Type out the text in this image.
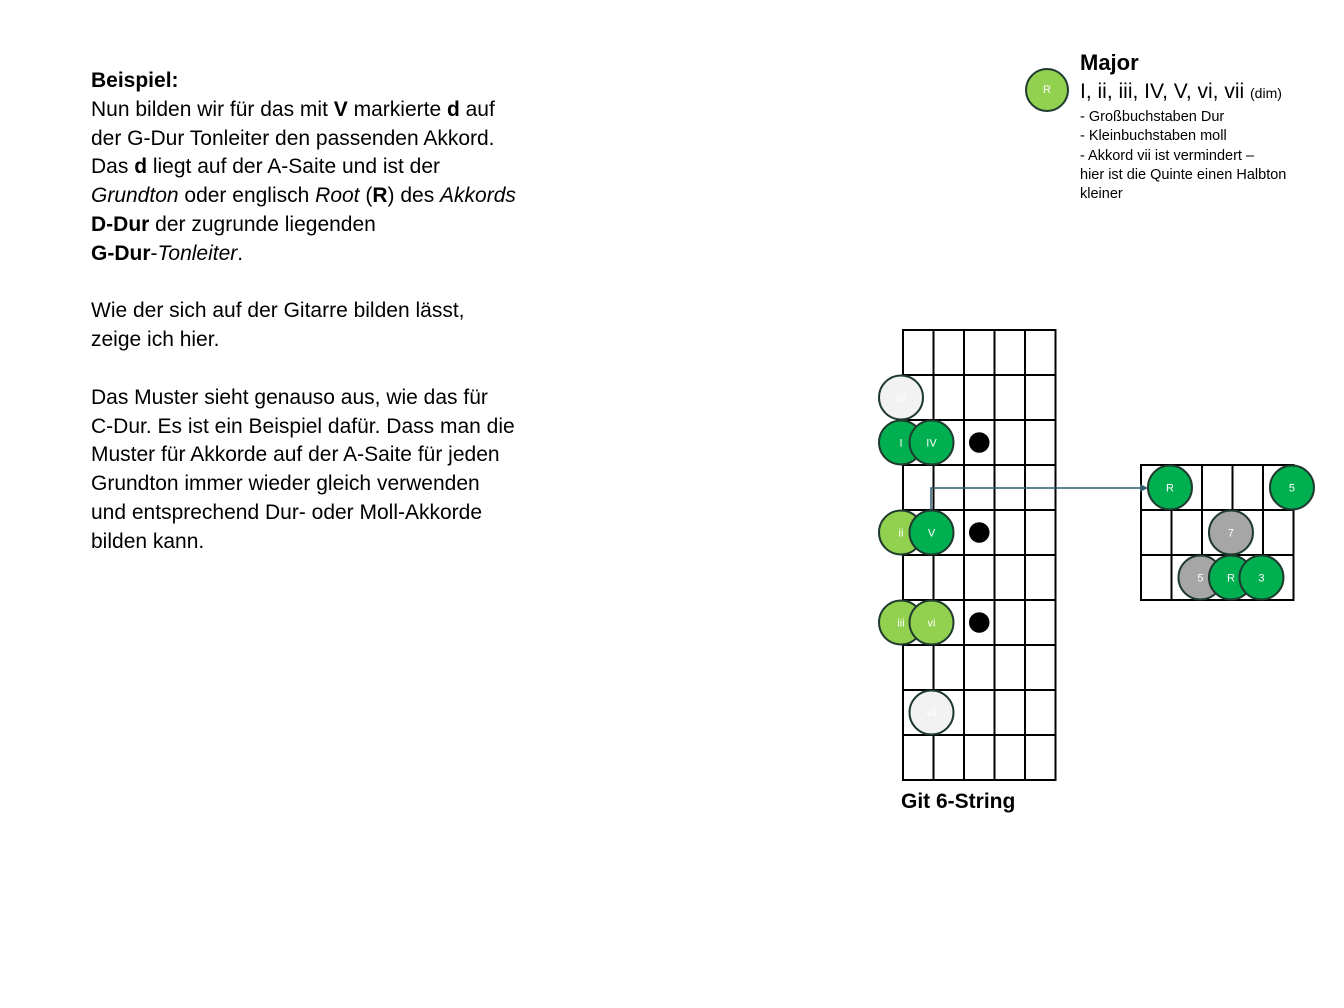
Beispiel:
Nun bilden wir für das mit V markierte d auf
der G-Dur Tonleiter den passenden Akkord.
Das d liegt auf der A-Saite und ist der
Grundton oder englisch Root (R) des Akkords
D-Dur der zugrunde liegenden
G-Dur-Tonleiter.
Wie der sich auf der Gitarre bilden lässt,
zeige ich hier.
Das Muster sieht genauso aus, wie das für
C-Dur. Es ist ein Beispiel dafür. Dass man die
Muster für Akkorde auf der A-Saite für jeden
Grundton immer wieder gleich verwenden
und entsprechend Dur- oder Moll-Akkorde
bilden kann.
R
Major
I, ii, iii, IV, V, vi, vii (dim)
- Großbuchstaben Dur
- Kleinbuchstaben moll
- Akkord vii ist vermindert –
hier ist die Quinte einen Halbton
kleiner
vii
I IV
ii V
iii vi
vii
R	5
7
5 R 3
Git 6-String
